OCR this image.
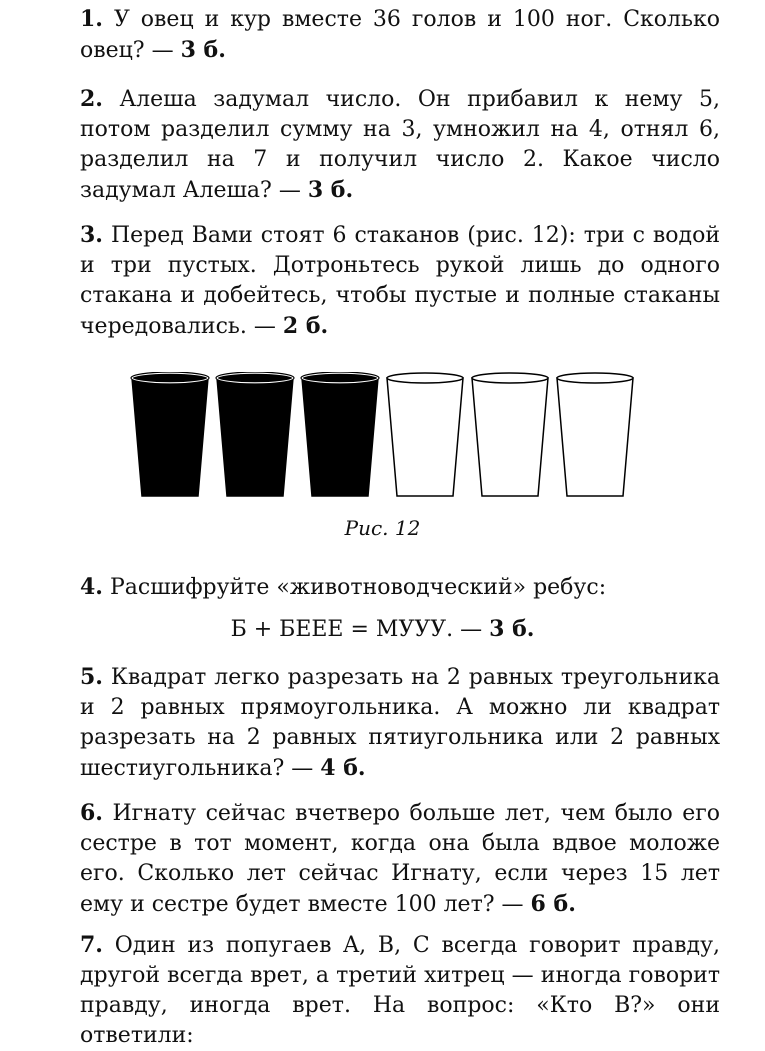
1. У овец и кур вместе 36 голов и 100 ног. Сколько овец? — 3 б.

2. Алеша задумал число. Он прибавил к нему 5, потом разделил сумму на 3, умножил на 4, отнял 6, разделил на 7 и получил число 2. Какое число задумал Алеша? — 3 б.

3. Перед Вами стоят 6 стаканов (рис. 12): три с водой и три пустых. Дотроньтесь рукой лишь до одного стакана и добейтесь, чтобы пустые и полные стаканы чередовались. — 2 б.

4. Расшифруйте «животноводческий» ребус:

5. Квадрат легко разрезать на 2 равных треугольника и 2 равных прямоугольника. А можно ли квадрат разрезать на 2 равных пятиугольника или 2 равных шестиугольника? — 4 б.

6. Игнату сейчас вчетверо больше лет, чем было его сестре в тот момент, когда она была вдвое моложе его. Сколько лет сейчас Игнату, если через 15 лет ему и сестре будет вместе 100 лет? — 6 б.

7. Один из попугаев A, B, C всегда говорит правду, другой всегда врет, а третий хитрец — иногда говорит правду, иногда врет. На вопрос: «Кто B?» они ответили:

Рис. 12
Б + БЕЕЕ = МУУУ. — 3 б.
